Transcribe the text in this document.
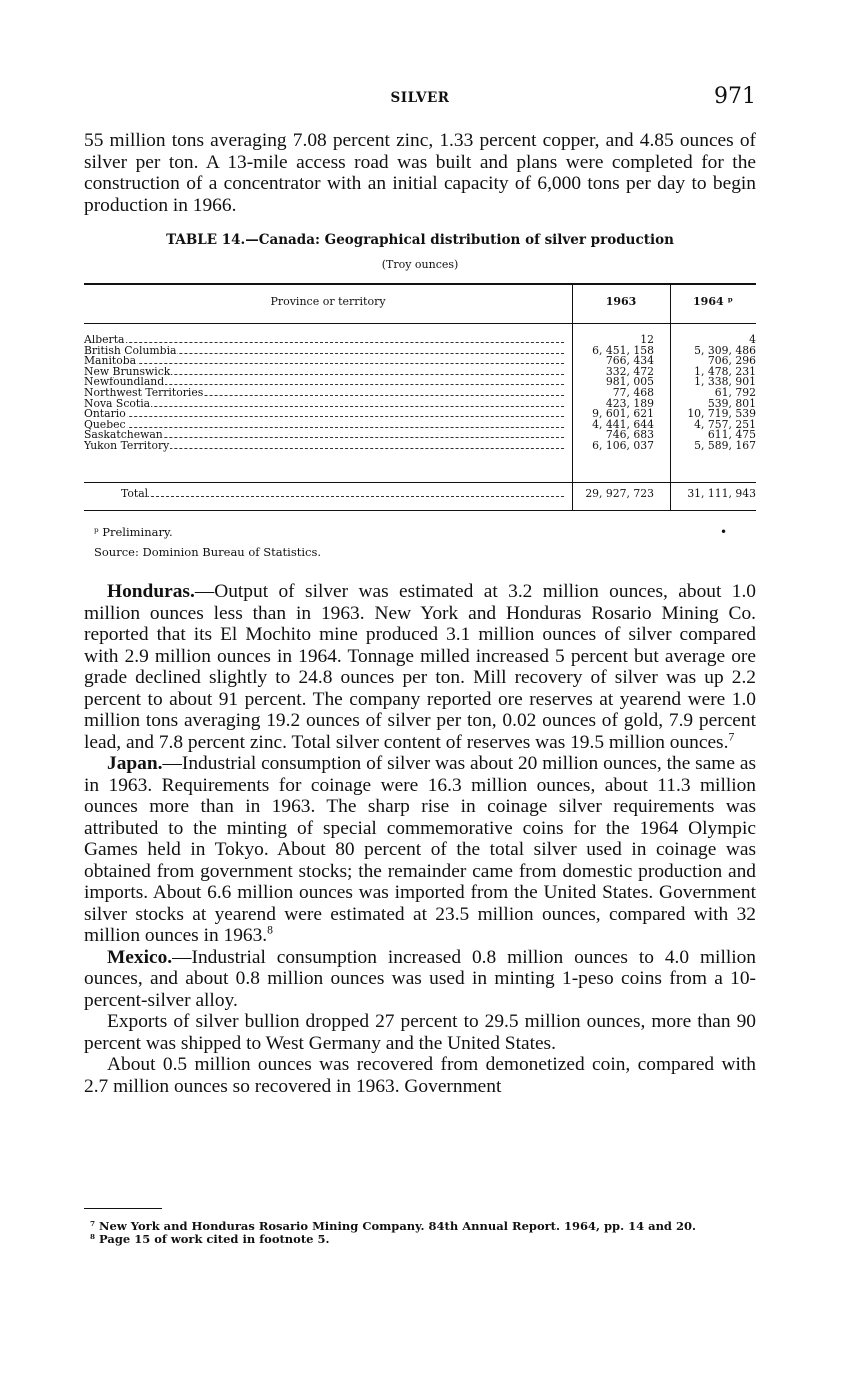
SILVER	971

55 million tons averaging 7.08 percent zinc, 1.33 percent copper, and 4.85 ounces of silver per ton. A 13-mile access road was built and plans were completed for the construction of a concentrator with an initial capacity of 6,000 tons per day to begin production in 1966.

TABLE 14.—Canada: Geographical distribution of silver production
(Troy ounces)
Province or territory	1963	1964 ᵖ
Alberta	12	4
British Columbia	6, 451, 158	5, 309, 486
Manitoba	766, 434	706, 296
New Brunswick	332, 472	1, 478, 231
Newfoundland	981, 005	1, 338, 901
Northwest Territories	77, 468	61, 792
Nova Scotia	423, 189	539, 801
Ontario	9, 601, 621	10, 719, 539
Quebec	4, 441, 644	4, 757, 251
Saskatchewan	746, 683	611, 475
Yukon Territory	6, 106, 037	5, 589, 167
Total	29, 927, 723	31, 111, 943
ᵖ Preliminary.	•
Source: Dominion Bureau of Statistics.

Honduras.—Output of silver was estimated at 3.2 million ounces, about 1.0 million ounces less than in 1963. New York and Honduras Rosario Mining Co. reported that its El Mochito mine produced 3.1 million ounces of silver compared with 2.9 million ounces in 1964. Tonnage milled increased 5 percent but average ore grade declined slightly to 24.8 ounces per ton. Mill recovery of silver was up 2.2 percent to about 91 percent. The company reported ore reserves at yearend were 1.0 million tons averaging 19.2 ounces of silver per ton, 0.02 ounces of gold, 7.9 percent lead, and 7.8 percent zinc. Total silver content of reserves was 19.5 million ounces.$^7$

Japan.—Industrial consumption of silver was about 20 million ounces, the same as in 1963. Requirements for coinage were 16.3 million ounces, about 11.3 million ounces more than in 1963. The sharp rise in coinage silver requirements was attributed to the minting of special commemorative coins for the 1964 Olympic Games held in Tokyo. About 80 percent of the total silver used in coinage was obtained from government stocks; the remainder came from domestic production and imports. About 6.6 million ounces was imported from the United States. Government silver stocks at yearend were estimated at 23.5 million ounces, compared with 32 million ounces in 1963.$^8$

Mexico.—Industrial consumption increased 0.8 million ounces to 4.0 million ounces, and about 0.8 million ounces was used in minting 1-peso coins from a 10-percent-silver alloy.

Exports of silver bullion dropped 27 percent to 29.5 million ounces, more than 90 percent was shipped to West Germany and the United States.

About 0.5 million ounces was recovered from demonetized coin, compared with 2.7 million ounces so recovered in 1963. Government

⁷ New York and Honduras Rosario Mining Company. 84th Annual Report. 1964, pp. 14 and 20.
⁸ Page 15 of work cited in footnote 5.
